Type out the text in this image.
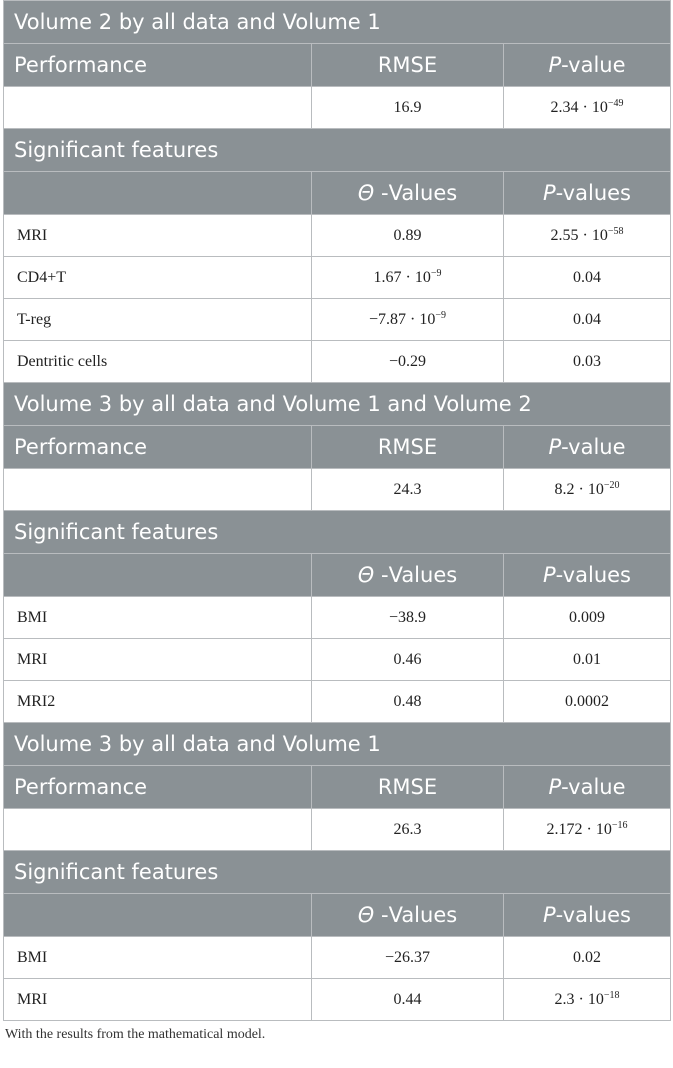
Volume 2 by all data and Volume 1		
Performance	RMSE	P-value
	16.9	$2.34 \cdot 10^{-49}$
Significant features		
	Θ -Values	P-values
MRI	0.89	$2.55 \cdot 10^{-58}$
CD4+T	$1.67 \cdot 10^{-9}$	0.04
T-reg	$-7.87 \cdot 10^{-9}$	0.04
Dentritic cells	−0.29	0.03
Volume 3 by all data and Volume 1 and Volume 2		
Performance	RMSE	P-value
	24.3	$8.2 \cdot 10^{-20}$
Significant features		
	Θ -Values	P-values
BMI	−38.9	0.009
MRI	0.46	0.01
MRI2	0.48	0.0002
Volume 3 by all data and Volume 1		
Performance	RMSE	P-value
	26.3	$2.172 \cdot 10^{-16}$
Significant features		
	Θ -Values	P-values
BMI	−26.37	0.02
MRI	0.44	$2.3 \cdot 10^{-18}$
With the results from the mathematical model.
